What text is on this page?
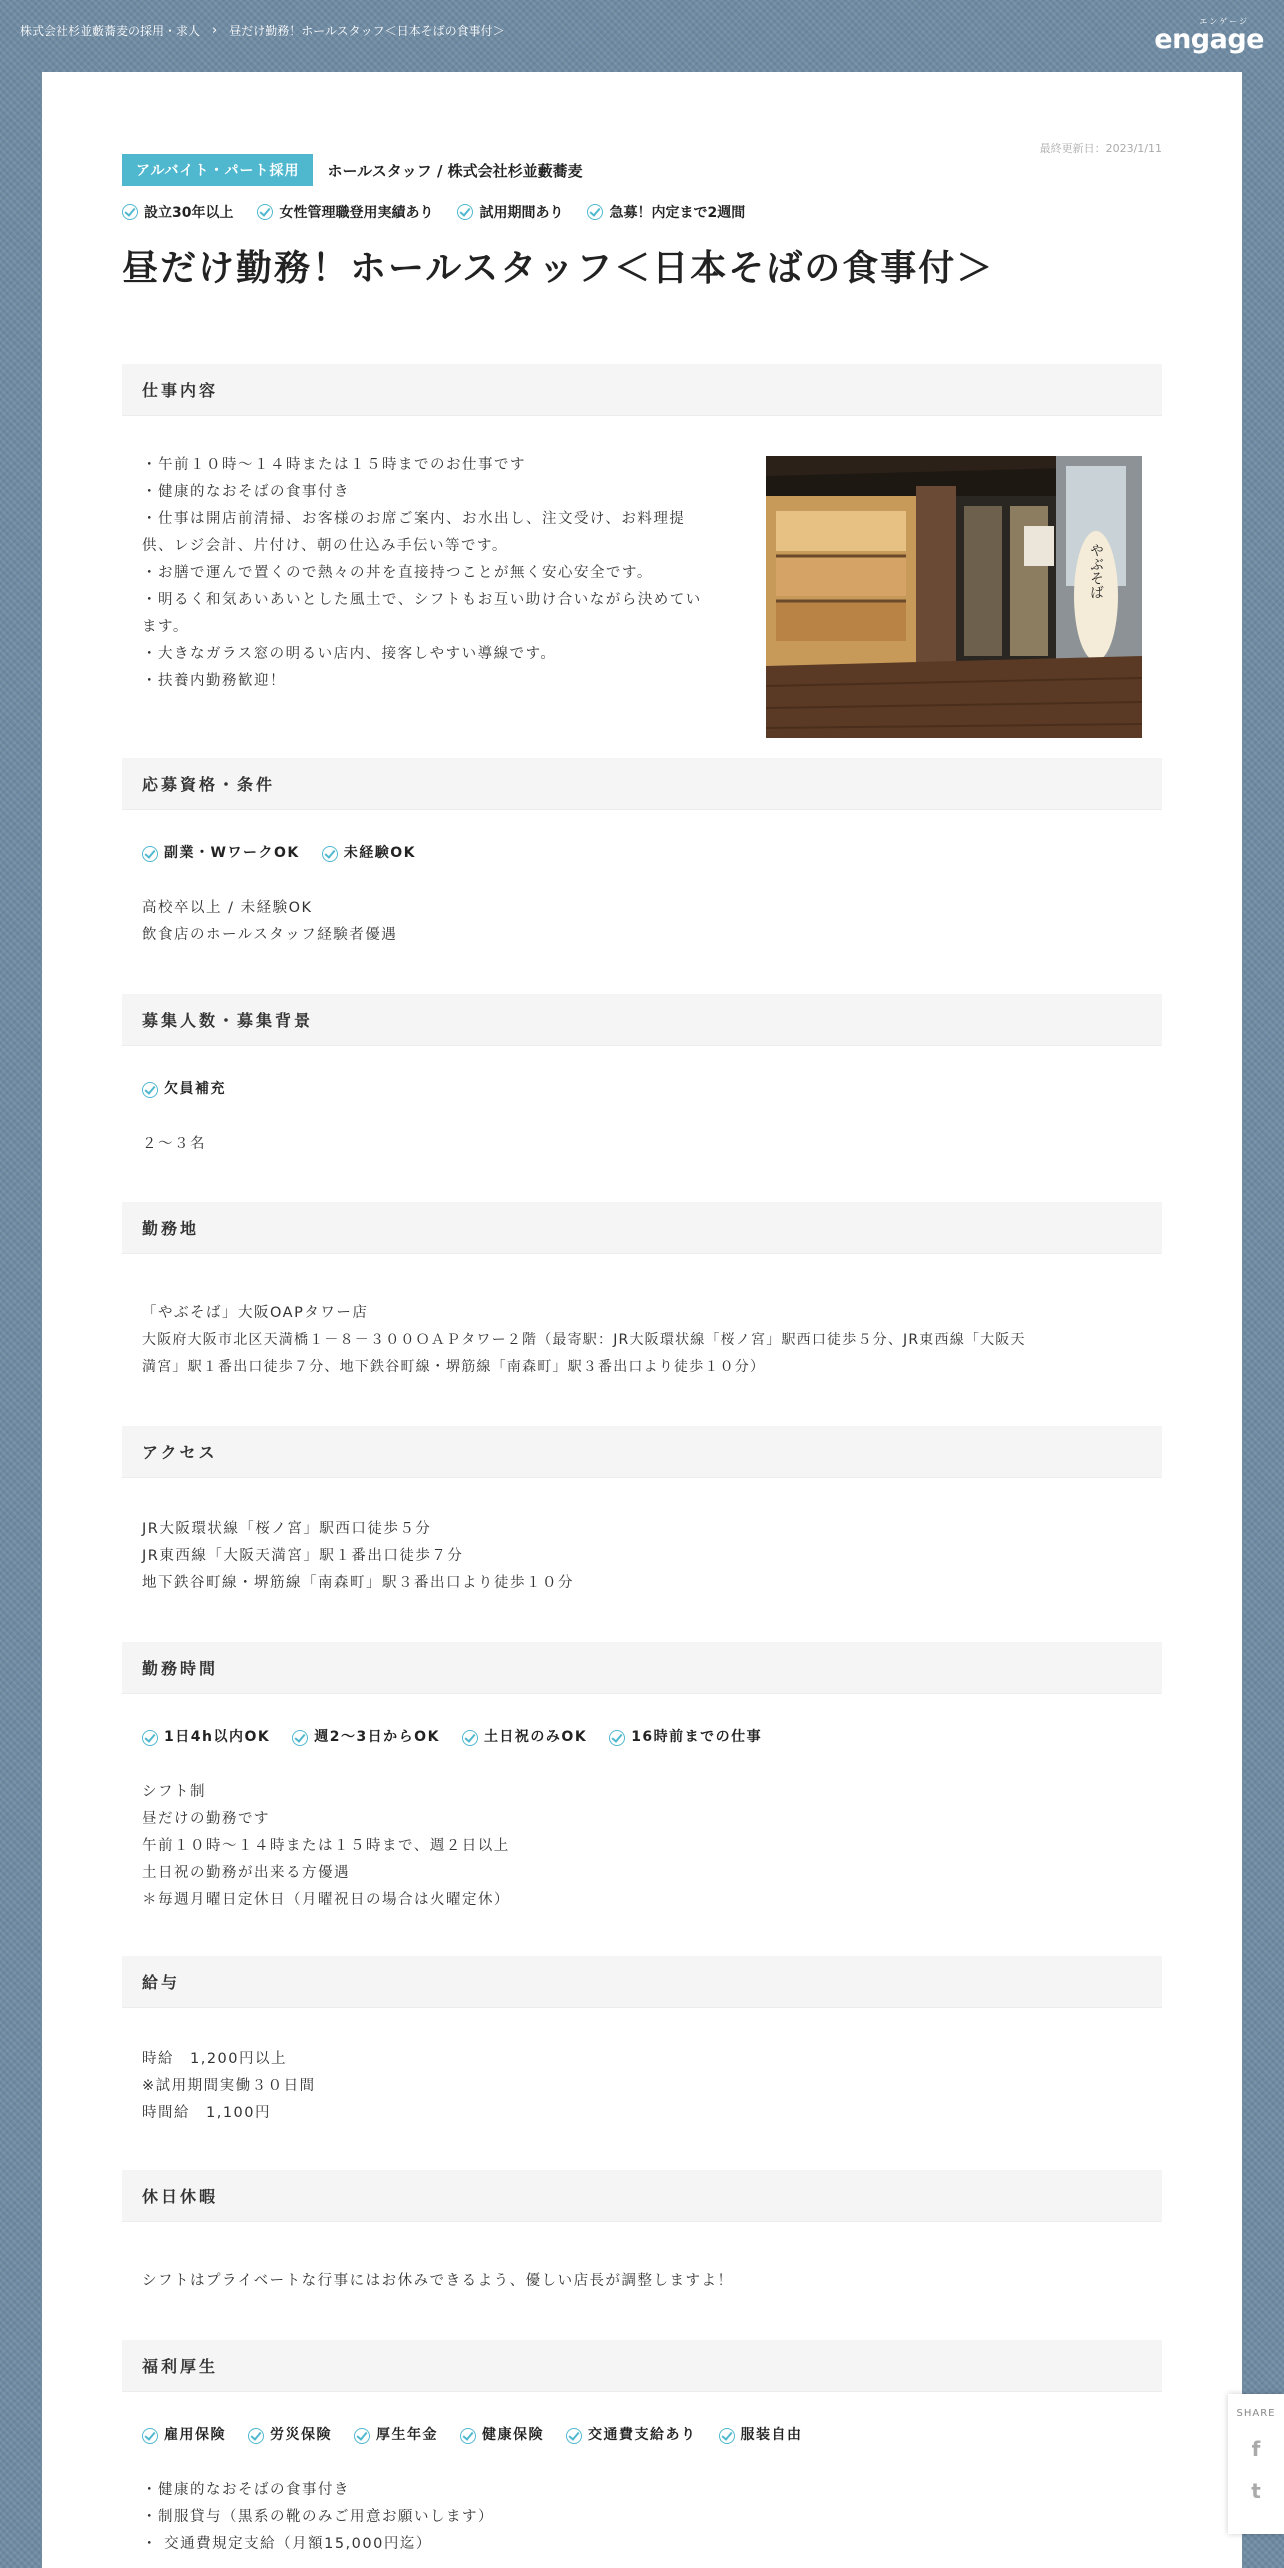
株式会社杉並藪蕎麦の採用・求人 › 昼だけ勤務！ホールスタッフ＜日本そばの食事付＞
エンゲージ
engage
最終更新日：2023/1/11
アルバイト・パート採用	ホールスタッフ / 株式会社杉並藪蕎麦
設立30年以上	女性管理職登用実績あり	試用期間あり	急募！内定まで2週間
昼だけ勤務！ホールスタッフ＜日本そばの食事付＞
仕事内容
・午前１０時～１４時または１５時までのお仕事です
・健康的なおそばの食事付き
・仕事は開店前清掃、お客様のお席ご案内、お水出し、注文受け、お料理提
供、レジ会計、片付け、朝の仕込み手伝い等です。
・お膳で運んで置くので熱々の丼を直接持つことが無く安心安全です。
・明るく和気あいあいとした風土で、シフトもお互い助け合いながら決めてい
ます。
・大きなガラス窓の明るい店内、接客しやすい導線です。
・扶養内勤務歓迎！
やぶそば
応募資格・条件
副業・WワークOK	未経験OK
高校卒以上 / 未経験OK
飲食店のホールスタッフ経験者優遇
募集人数・募集背景
欠員補充
２～３名
勤務地
「やぶそば」大阪OAPタワー店
大阪府大阪市北区天満橋１－８－３００ＯＡＰタワー２階（最寄駅：JR大阪環状線「桜ノ宮」駅西口徒歩５分、JR東西線「大阪天
満宮」駅１番出口徒歩７分、地下鉄谷町線・堺筋線「南森町」駅３番出口より徒歩１０分）
アクセス
JR大阪環状線「桜ノ宮」駅西口徒歩５分
JR東西線「大阪天満宮」駅１番出口徒歩７分
地下鉄谷町線・堺筋線「南森町」駅３番出口より徒歩１０分
勤務時間
1日4h以内OK	週2～3日からOK	土日祝のみOK	16時前までの仕事
シフト制
昼だけの勤務です
午前１０時～１４時または１５時まで、週２日以上
土日祝の勤務が出来る方優遇
＊毎週月曜日定休日（月曜祝日の場合は火曜定休）
給与
時給　1,200円以上
※試用期間実働３０日間
時間給　1,100円
休日休暇
シフトはプライベートな行事にはお休みできるよう、優しい店長が調整しますよ！
福利厚生
雇用保険	労災保険	厚生年金	健康保険	交通費支給あり	服装自由
・健康的なおそばの食事付き
・制服貸与（黒系の靴のみご用意お願いします）
・ 交通費規定支給（月額15,000円迄）
SHARE
f
t
